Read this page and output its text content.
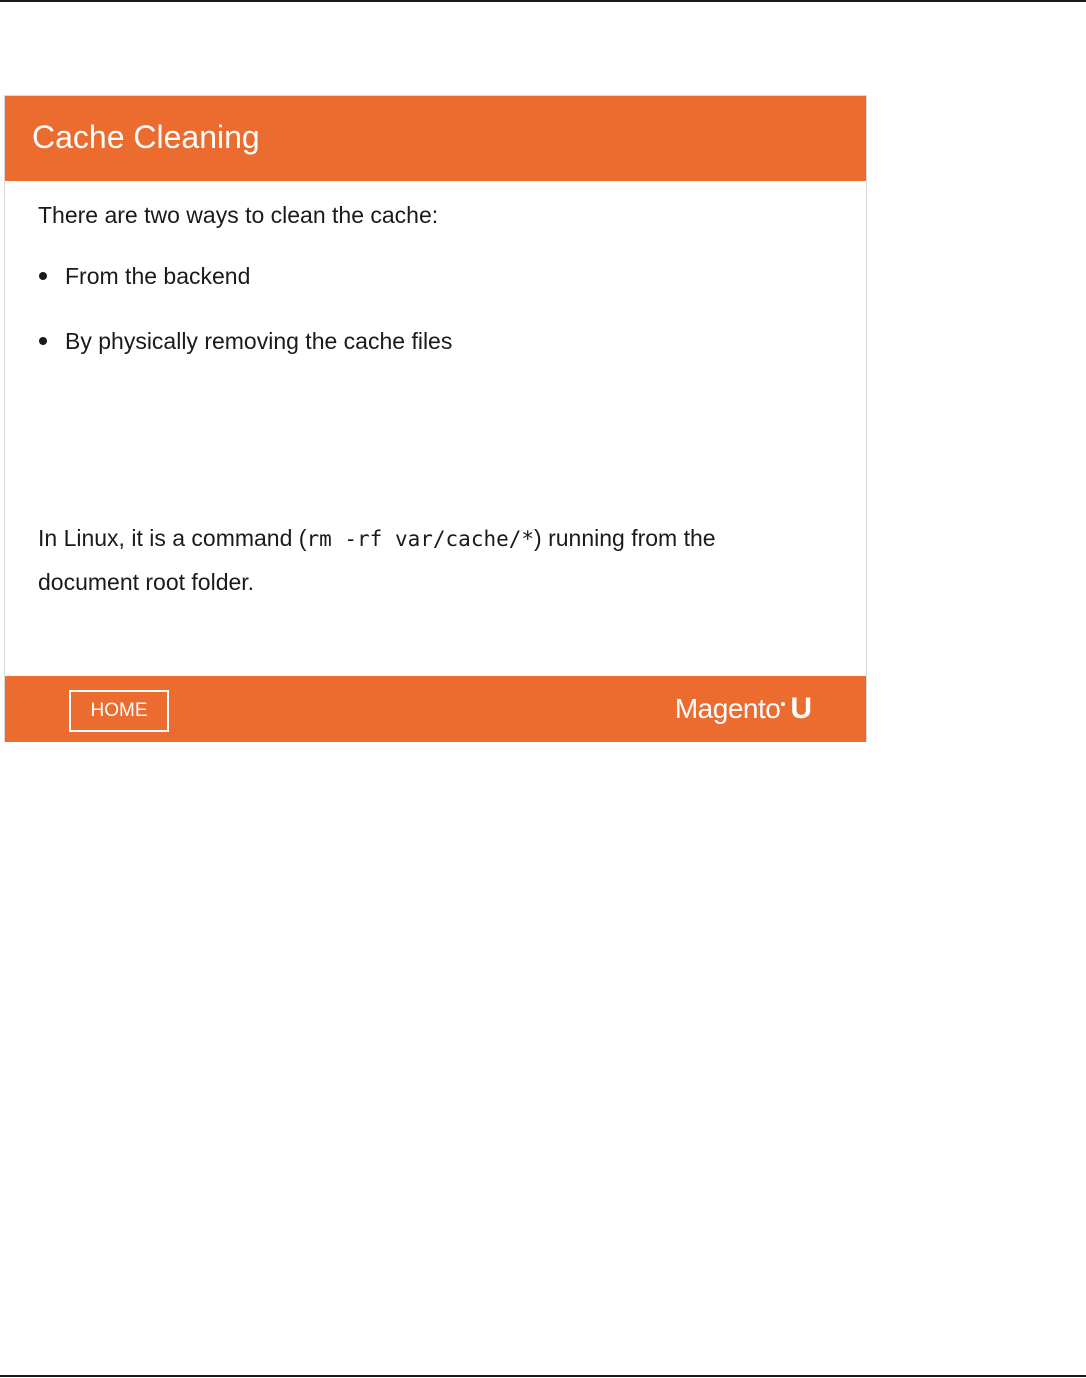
Cache Cleaning
There are two ways to clean the cache:
From the backend
By physically removing the cache files
In Linux, it is a command (rm -rf var/cache/*) running from the document root folder.
HOME	Magento U
